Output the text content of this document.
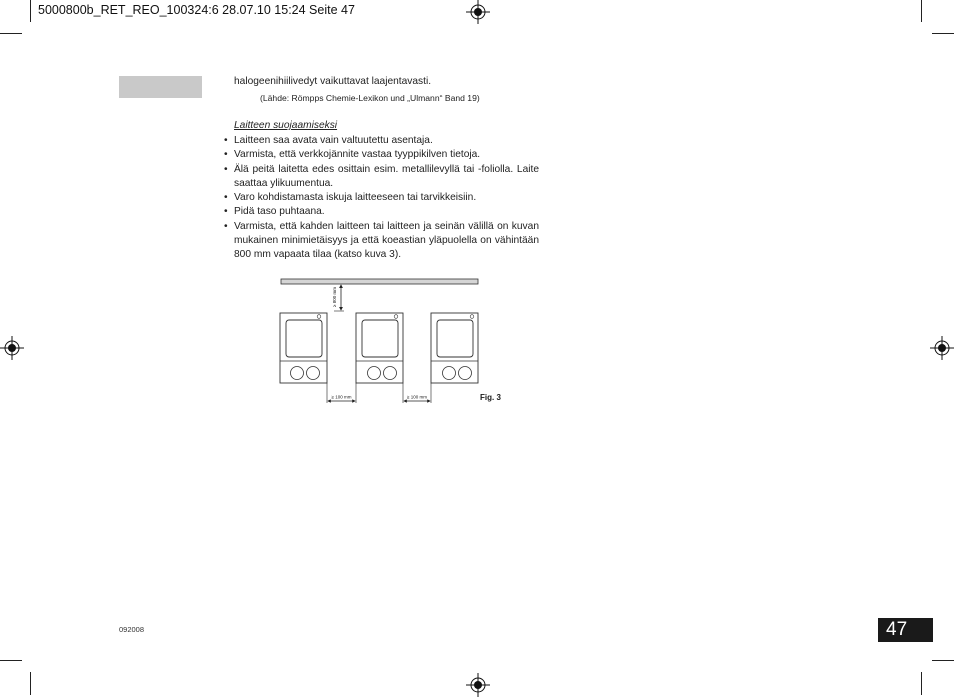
5000800b_RET_REO_100324:6 28.07.10 15:24 Seite 47
halogeenihiilivedyt vaikuttavat laajentavasti.
(Lähde: Römpps Chemie-Lexikon und „Ulmann“ Band 19)
Laitteen suojaamiseksi
• Laitteen saa avata vain valtuutettu asentaja.
• Varmista, että verkkojännite vastaa tyyppikilven tietoja.
• Älä peitä laitetta edes osittain esim. metallilevyllä tai -foliolla. Laite saattaa ylikuumentua.
• Varo kohdistamasta iskuja laitteeseen tai tarvikkeisiin.
• Pidä taso puhtaana.
• Varmista, että kahden laitteen tai laitteen ja seinän välillä on kuvan mukainen minimietäisyys ja että koeastian yläpuolella on vähintään 800 mm vapaata tilaa (katso kuva 3).
≥ 800 mm
≥ 100 mm	≥ 100 mm	Fig. 3
092008	47
